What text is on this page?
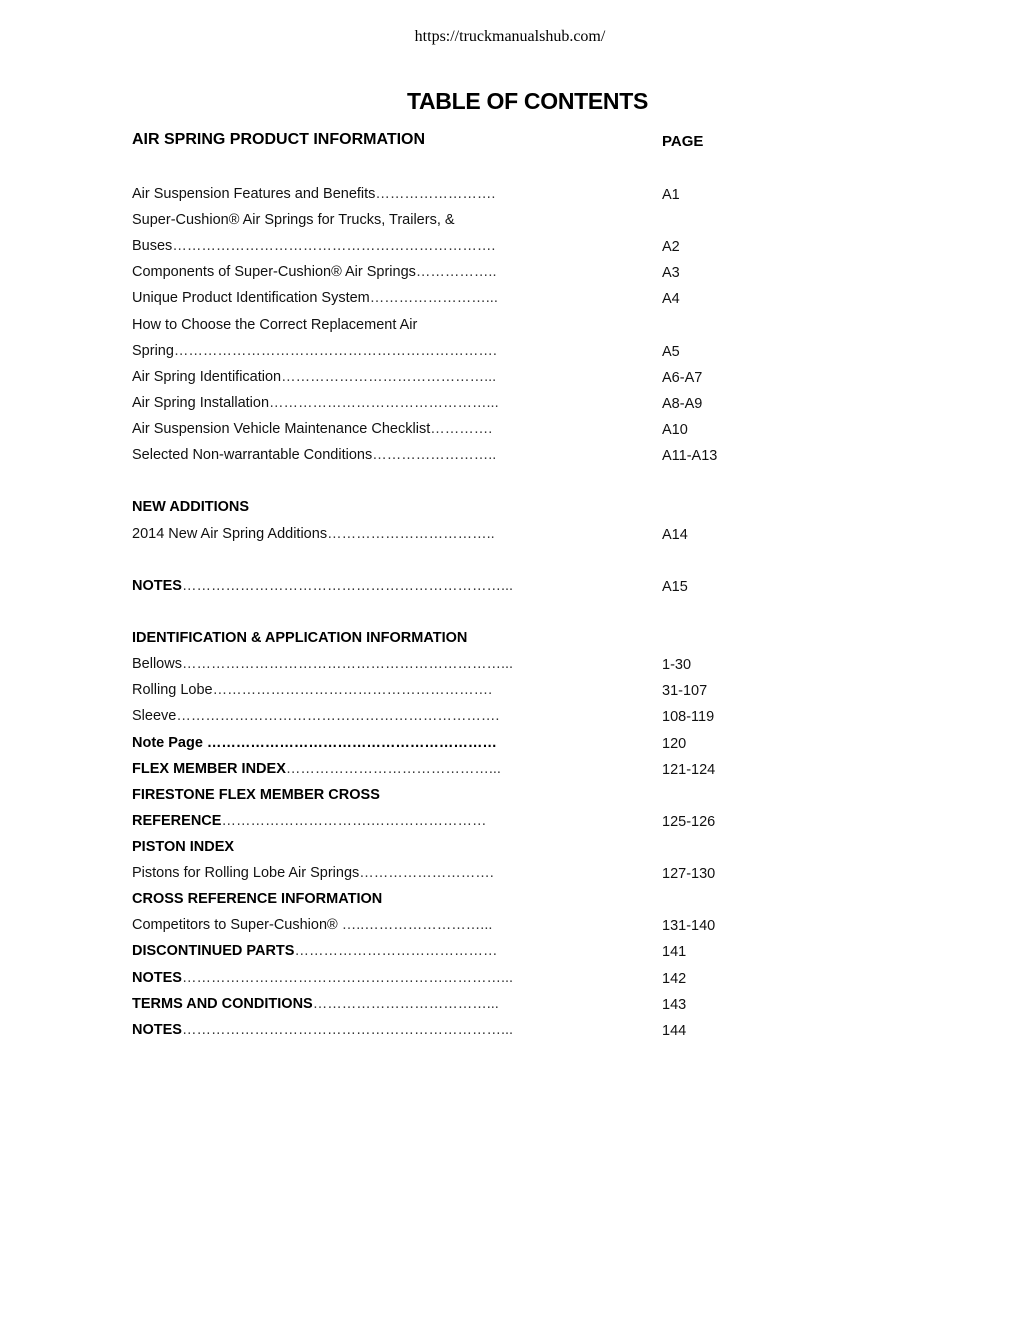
https://truckmanualshub.com/
TABLE OF CONTENTS
AIR SPRING PRODUCT INFORMATION	PAGE
Air Suspension Features and Benefits…………………….	A1
Super-Cushion® Air Springs for Trucks, Trailers, &
Buses………………………………………………………….	A2
Components of Super-Cushion® Air Springs……………..	A3
Unique Product Identification System……………………...	A4
How to Choose the Correct Replacement Air
Spring………………………………………………………….	A5
Air Spring Identification……………………………………...	A6-A7
Air Spring Installation………………………………………...	A8-A9
Air Suspension Vehicle Maintenance Checklist………….	A10
Selected Non-warrantable Conditions……………………..	A11-A13
NEW ADDITIONS
2014 New Air Spring Additions……………………………..	A14
NOTES…………………………………………………………...	A15
IDENTIFICATION & APPLICATION INFORMATION
Bellows…………………………………………………………...	1-30
Rolling Lobe………………………………………………….	31-107
Sleeve………………………………………………………….	108-119
Note Page ……………………………………………………	120
FLEX MEMBER INDEX……………………………………...	121-124
FIRESTONE FLEX MEMBER CROSS
REFERENCE………………………….……………………	125-126
PISTON INDEX
Pistons for Rolling Lobe Air Springs……………………….	127-130
CROSS REFERENCE INFORMATION
Competitors to Super-Cushion® …..……………………...	131-140
DISCONTINUED PARTS……………………………………	141
NOTES…………………………………………………………...	142
TERMS AND CONDITIONS………………………………...	143
NOTES…………………………………………………………...	144
